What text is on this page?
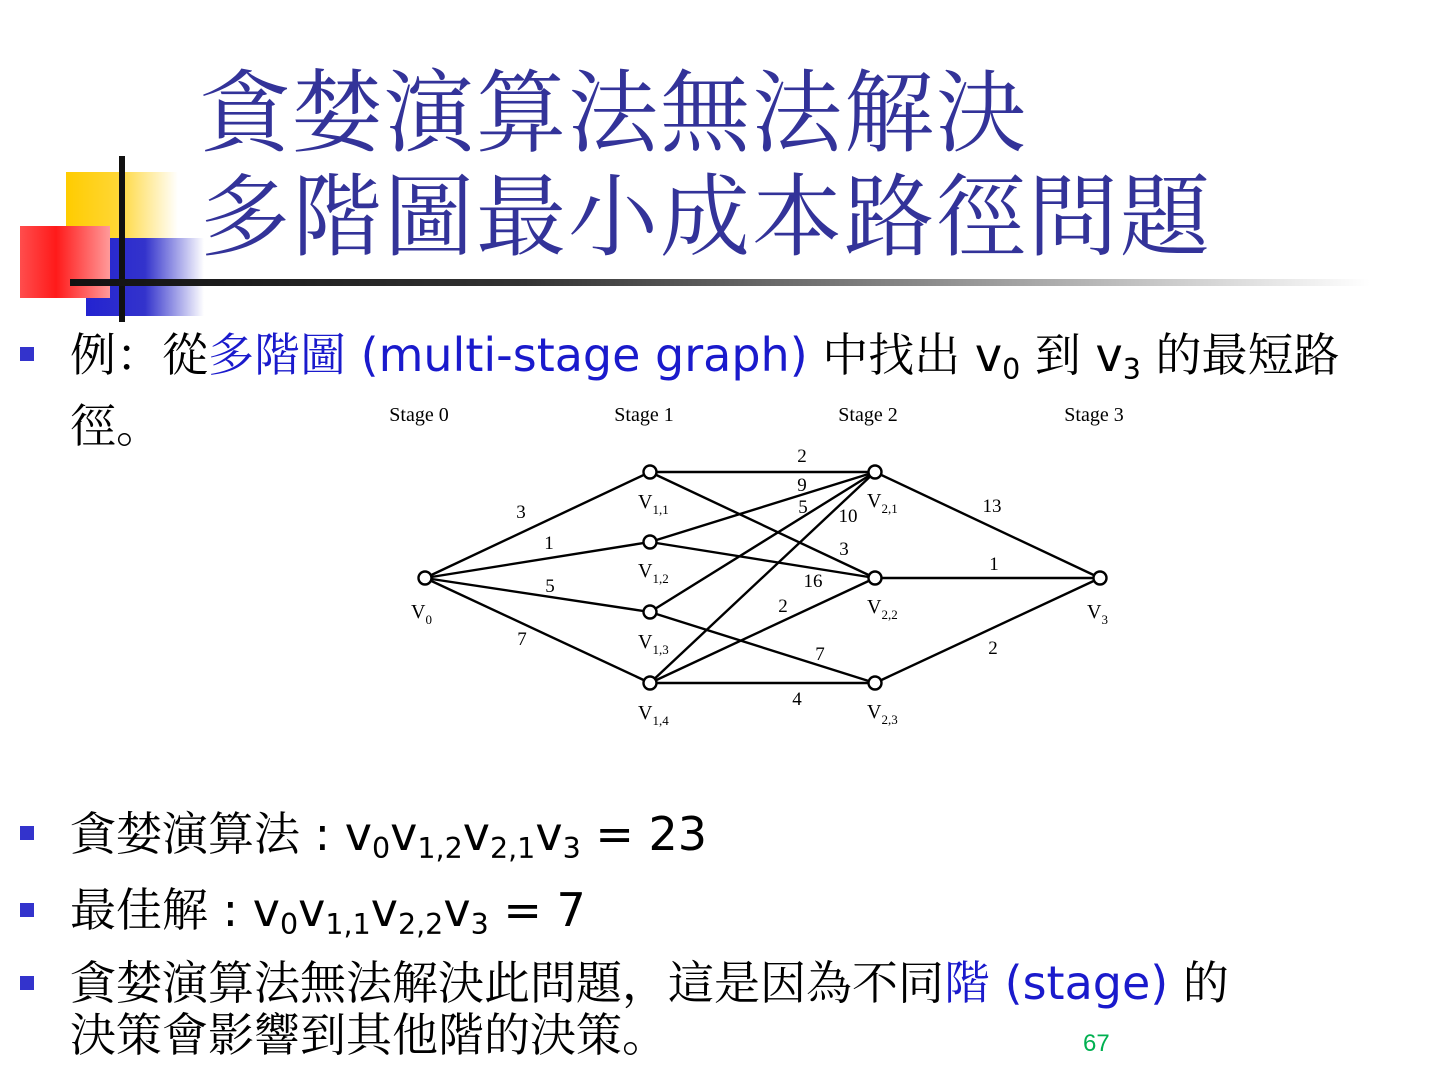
貪婪演算法無法解決
多階圖最小成本路徑問題

例：從多階圖 (multi-stage graph) 中找出 $v_0$ 到 $v_3$ 的最短路
徑。	Stage 0	Stage 1	Stage 2	Stage 3
3
1
5
7
2
9
5 10
3
16
2
7
4
13
1
2
$V_0$
$V_{1,1}$
$V_{1,2}$
$V_{1,3}$
$V_{1,4}$
$V_{2,1}$
$V_{2,2}$
$V_{2,3}$
$V_3$

貪婪演算法 : $v_0v_{1,2}v_{2,1}v_3 = 23$

最佳解 : $v_0v_{1,1}v_{2,2}v_3 = 7$

貪婪演算法無法解決此問題，這是因為不同階 (stage) 的
決策會影響到其他階的決策。	67
